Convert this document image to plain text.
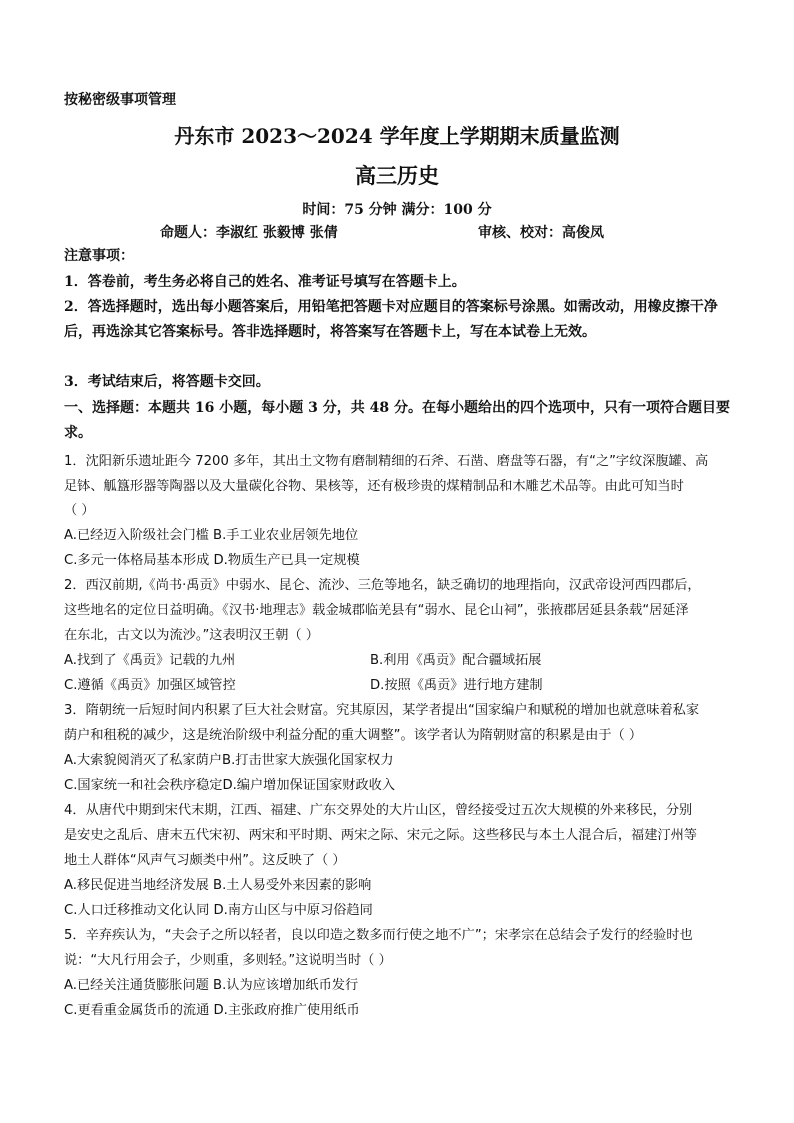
按秘密级事项管理
丹东市 2023～2024 学年度上学期期末质量监测
高三历史
时间：75 分钟 满分：100 分
命题人：李淑红 张毅博 张倩	审核、校对：高俊凤
注意事项：
1．答卷前，考生务必将自己的姓名、准考证号填写在答题卡上。
2．答选择题时，选出每小题答案后，用铅笔把答题卡对应题目的答案标号涂黑。如需改动，用橡皮擦干净后，再选涂其它答案标号。答非选择题时，将答案写在答题卡上，写在本试卷上无效。
3．考试结束后，将答题卡交回。
一、选择题：本题共 16 小题，每小题 3 分，共 48 分。在每小题给出的四个选项中，只有一项符合题目要求。
1．沈阳新乐遗址距今 7200 多年，其出土文物有磨制精细的石斧、石凿、磨盘等石器，有“之”字纹深腹罐、高
足钵、觚簋形器等陶器以及大量碳化谷物、果核等，还有极珍贵的煤精制品和木雕艺术品等。由此可知当时
（ ）
A.已经迈入阶级社会门槛 B.手工业农业居领先地位
C.多元一体格局基本形成 D.物质生产已具一定规模
2．西汉前期,《尚书·禹贡》中弱水、昆仑、流沙、三危等地名，缺乏确切的地理指向，汉武帝设河西四郡后，
这些地名的定位日益明确。《汉书·地理志》载金城郡临羌县有“弱水、昆仑山祠”，张掖郡居延县条载“居延泽
在东北，古文以为流沙。”这表明汉王朝（ ）
A.找到了《禹贡》记载的九州	B.利用《禹贡》配合疆域拓展
C.遵循《禹贡》加强区域管控	D.按照《禹贡》进行地方建制
3．隋朝统一后短时间内积累了巨大社会财富。究其原因，某学者提出“国家编户和赋税的增加也就意味着私家
荫户和租税的减少，这是统治阶级中利益分配的重大调整”。该学者认为隋朝财富的积累是由于（ ）
A.大索貌阅消灭了私家荫户B.打击世家大族强化国家权力
C.国家统一和社会秩序稳定D.编户增加保证国家财政收入
4．从唐代中期到宋代末期，江西、福建、广东交界处的大片山区，曾经接受过五次大规模的外来移民，分别
是安史之乱后、唐末五代宋初、两宋和平时期、两宋之际、宋元之际。这些移民与本土人混合后，福建汀州等
地土人群体“风声气习颇类中州”。这反映了（ ）
A.移民促进当地经济发展 B.土人易受外来因素的影响
C.人口迁移推动文化认同 D.南方山区与中原习俗趋同
5．辛弃疾认为，“夫会子之所以轻者，良以印造之数多而行使之地不广”；宋孝宗在总结会子发行的经验时也
说：“大凡行用会子，少则重，多则轻。”这说明当时（ ）
A.已经关注通货膨胀问题 B.认为应该增加纸币发行
C.更看重金属货币的流通 D.主张政府推广使用纸币
